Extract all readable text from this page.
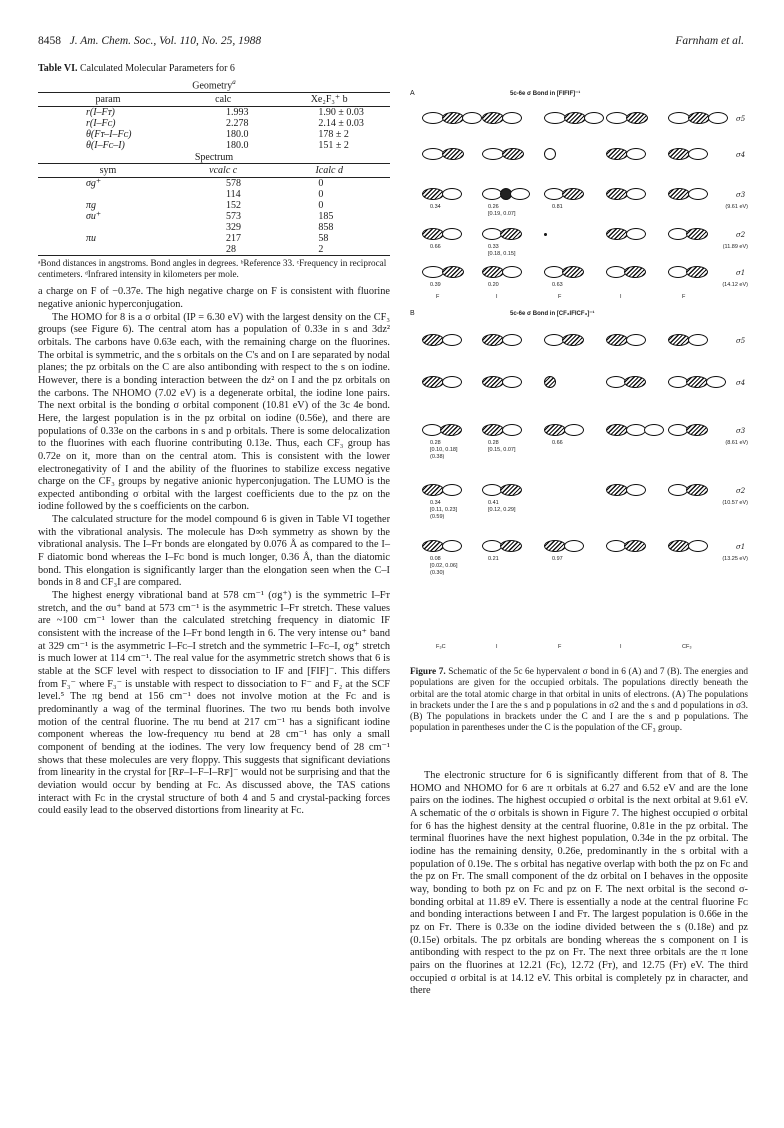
8458 J. Am. Chem. Soc., Vol. 110, No. 25, 1988	Farnham et al.
Table VI. Calculated Molecular Parameters for 6
Geometry$^a$
param	calc	Xe₂F₃⁺ b
r(I–Fᴛ)	1.993	1.90 ± 0.03
r(I–Fᴄ)	2.278	2.14 ± 0.03
θ(Fᴛ–I–Fᴄ)	180.0	178 ± 2
θ(I–Fᴄ–I)	180.0	151 ± 2
Spectrum		
sym	νcalc c	Icalc d
σg⁺	578	0
	114	0
πg	152	0
σu⁺	573	185
	329	858
πu	217	58
	28	2
ᵃBond distances in angstroms. Bond angles in degrees. ᵇReference 33. ᶜFrequency in reciprocal centimeters. ᵈInfrared intensity in kilometers per mole.

a charge on F of −0.37e. The high negative charge on F is consistent with fluorine negative anionic hyperconjugation.

The HOMO for 8 is a σ orbital (IP = 6.30 eV) with the largest density on the CF₃ groups (see Figure 6). The central atom has a population of 0.33e in s and 3dz² orbitals. The carbons have 0.63e each, with the remaining charge on the fluorines. The orbital is symmetric, and the s orbitals on the C's and on I are separated by nodal planes; the pz orbitals on the C are also antibonding with respect to the s on iodine. However, there is a bonding interaction between the dz² on I and the pz orbitals on the carbons. The NHOMO (7.02 eV) is a degenerate orbital, the iodine lone pairs. The next orbital is the bonding σ orbital component (10.81 eV) of the 3c 4e bond. Here, the largest population is in the pz orbital on iodine (0.56e), and there are populations of 0.33e on the carbons in s and p orbitals. There is some delocalization to the fluorines with each fluorine contributing 0.13e. Thus, each CF₃ group has 0.72e on it, more than on the central atom. This is consistent with the lower electronegativity of I and the ability of the fluorines to stabilize excess negative charge on the CF₃ groups by negative anionic hyperconjugation. The LUMO is the expected antibonding σ orbital with the largest coefficients due to the pz on the iodine followed by the s coefficients on the carbon.

The calculated structure for the model compound 6 is given in Table VI together with the vibrational analysis. The molecule has D∞h symmetry as shown by the vibrational analysis. The I–Fᴛ bonds are elongated by 0.076 Å as compared to the I–F diatomic bond whereas the I–Fᴄ bond is much longer, 0.36 Å, than the diatomic bond. This elongation is significantly larger than the elongation seen when the C–I bonds in 8 and CF₃I are compared.

The highest energy vibrational band at 578 cm⁻¹ (σg⁺) is the symmetric I–Fᴛ stretch, and the σu⁺ band at 573 cm⁻¹ is the asymmetric I–Fᴛ stretch. These values are ~100 cm⁻¹ lower than the calculated stretching frequency in diatomic IF consistent with the increase of the I–Fᴛ bond length in 6. The very intense σu⁺ band at 329 cm⁻¹ is the asymmetric I–Fᴄ–I stretch and the symmetric I–Fᴄ–I, σg⁺ stretch is much lower at 114 cm⁻¹. The real value for the asymmetric stretch shows that 6 is stable at the SCF level with respect to dissociation to IF and [FIF]⁻. This differs from F₃⁻ where F₃⁻ is unstable with respect to dissociation to F⁻ and F₂ at the SCF level.⁵ The πg bend at 156 cm⁻¹ does not involve motion at the Fᴄ and is predominantly a wag of the terminal fluorines. The two πu bends both involve motion of the central fluorine. The πu bend at 217 cm⁻¹ has a significant iodine component whereas the low-frequency πu bend at 28 cm⁻¹ has only a small component of bending at the iodines. The very low frequency bend of 28 cm⁻¹ shows that these molecules are very floppy. This suggests that significant deviations from linearity in the crystal for [Rꜰ–I–F–I–Rꜰ]⁻ would not be surprising and that the deviation would occur by bending at Fᴄ. As discussed above, the TAS cations interact with Fᴄ in the crystal structure of both 4 and 5 and crystal-packing forces could easily lead to the observed distortions from linearity at Fᴄ.

A	5c-6e σ Bond in [FIFIF]⁻¹
σ5
σ4
σ3
σ2
σ1
0.34	0.26
[0.19, 0.07]
0.81	(9.61 eV)
0.66	0.33
[0.18, 0.15]
(11.89 eV)
0.39	0.20	0.63	(14.12 eV)
F	I	F	I	F
B	5c-6e σ Bond in [CF₃IFICF₃]⁻¹
σ5
σ4
σ3
σ2
σ1
0.28
[0.10, 0.18]
(0.38)
0.28
[0.15, 0.07]
0.66	(8.61 eV)
0.34
[0.11, 0.23]
(0.59)
0.41
[0.12, 0.29]
(10.57 eV)
0.08
[0.02, 0.06]
(0.30)
0.21	0.97	(13.25 eV)
F₃C	I	F	I	CF₃
Figure 7. Schematic of the 5c 6e hypervalent σ bond in 6 (A) and 7 (B). The energies and populations are given for the occupied orbitals. The populations directly beneath the orbital are the total atomic charge in that orbital in units of electrons. (A) The populations in brackets under the I are the s and p populations in σ2 and the s and d populations in σ3. (B) The populations in brackets under the C and I are the s and p populations. The population in parentheses under the C is the population of the CF₃ group.

The electronic structure for 6 is significantly different from that of 8. The HOMO and NHOMO for 6 are π orbitals at 6.27 and 6.52 eV and are the lone pairs on the iodines. The highest occupied σ orbital is the next orbital at 9.61 eV. A schematic of the σ orbitals is shown in Figure 7. The highest occupied σ orbital for 6 has the highest density at the central fluorine, 0.81e in the pz orbital. The terminal fluorines have the next highest population, 0.34e in the pz orbital. The iodine has the remaining density, 0.26e, predominantly in the s orbital with a population of 0.19e. The s orbital has negative overlap with both the pz on Fᴄ and the pz on Fᴛ. The small component of the dz orbital on I behaves in the opposite way, bonding to both pz on Fᴄ and pz on F. The next orbital is the second σ-bonding orbital at 11.89 eV. There is essentially a node at the central fluorine Fᴄ and bonding interactions between I and Fᴛ. The largest population is 0.66e in the pz on Fᴛ. There is 0.33e on the iodine divided between the s (0.18e) and pz (0.15e) orbitals. The pz orbitals are bonding whereas the s component on I is antibonding with respect to the pz on Fᴛ. The next three orbitals are the π lone pairs on the fluorines at 12.21 (Fᴄ), 12.72 (Fᴛ), and 12.75 (Fᴛ) eV. The third occupied σ orbital is at 14.12 eV. This orbital is completely pz in character, and there
